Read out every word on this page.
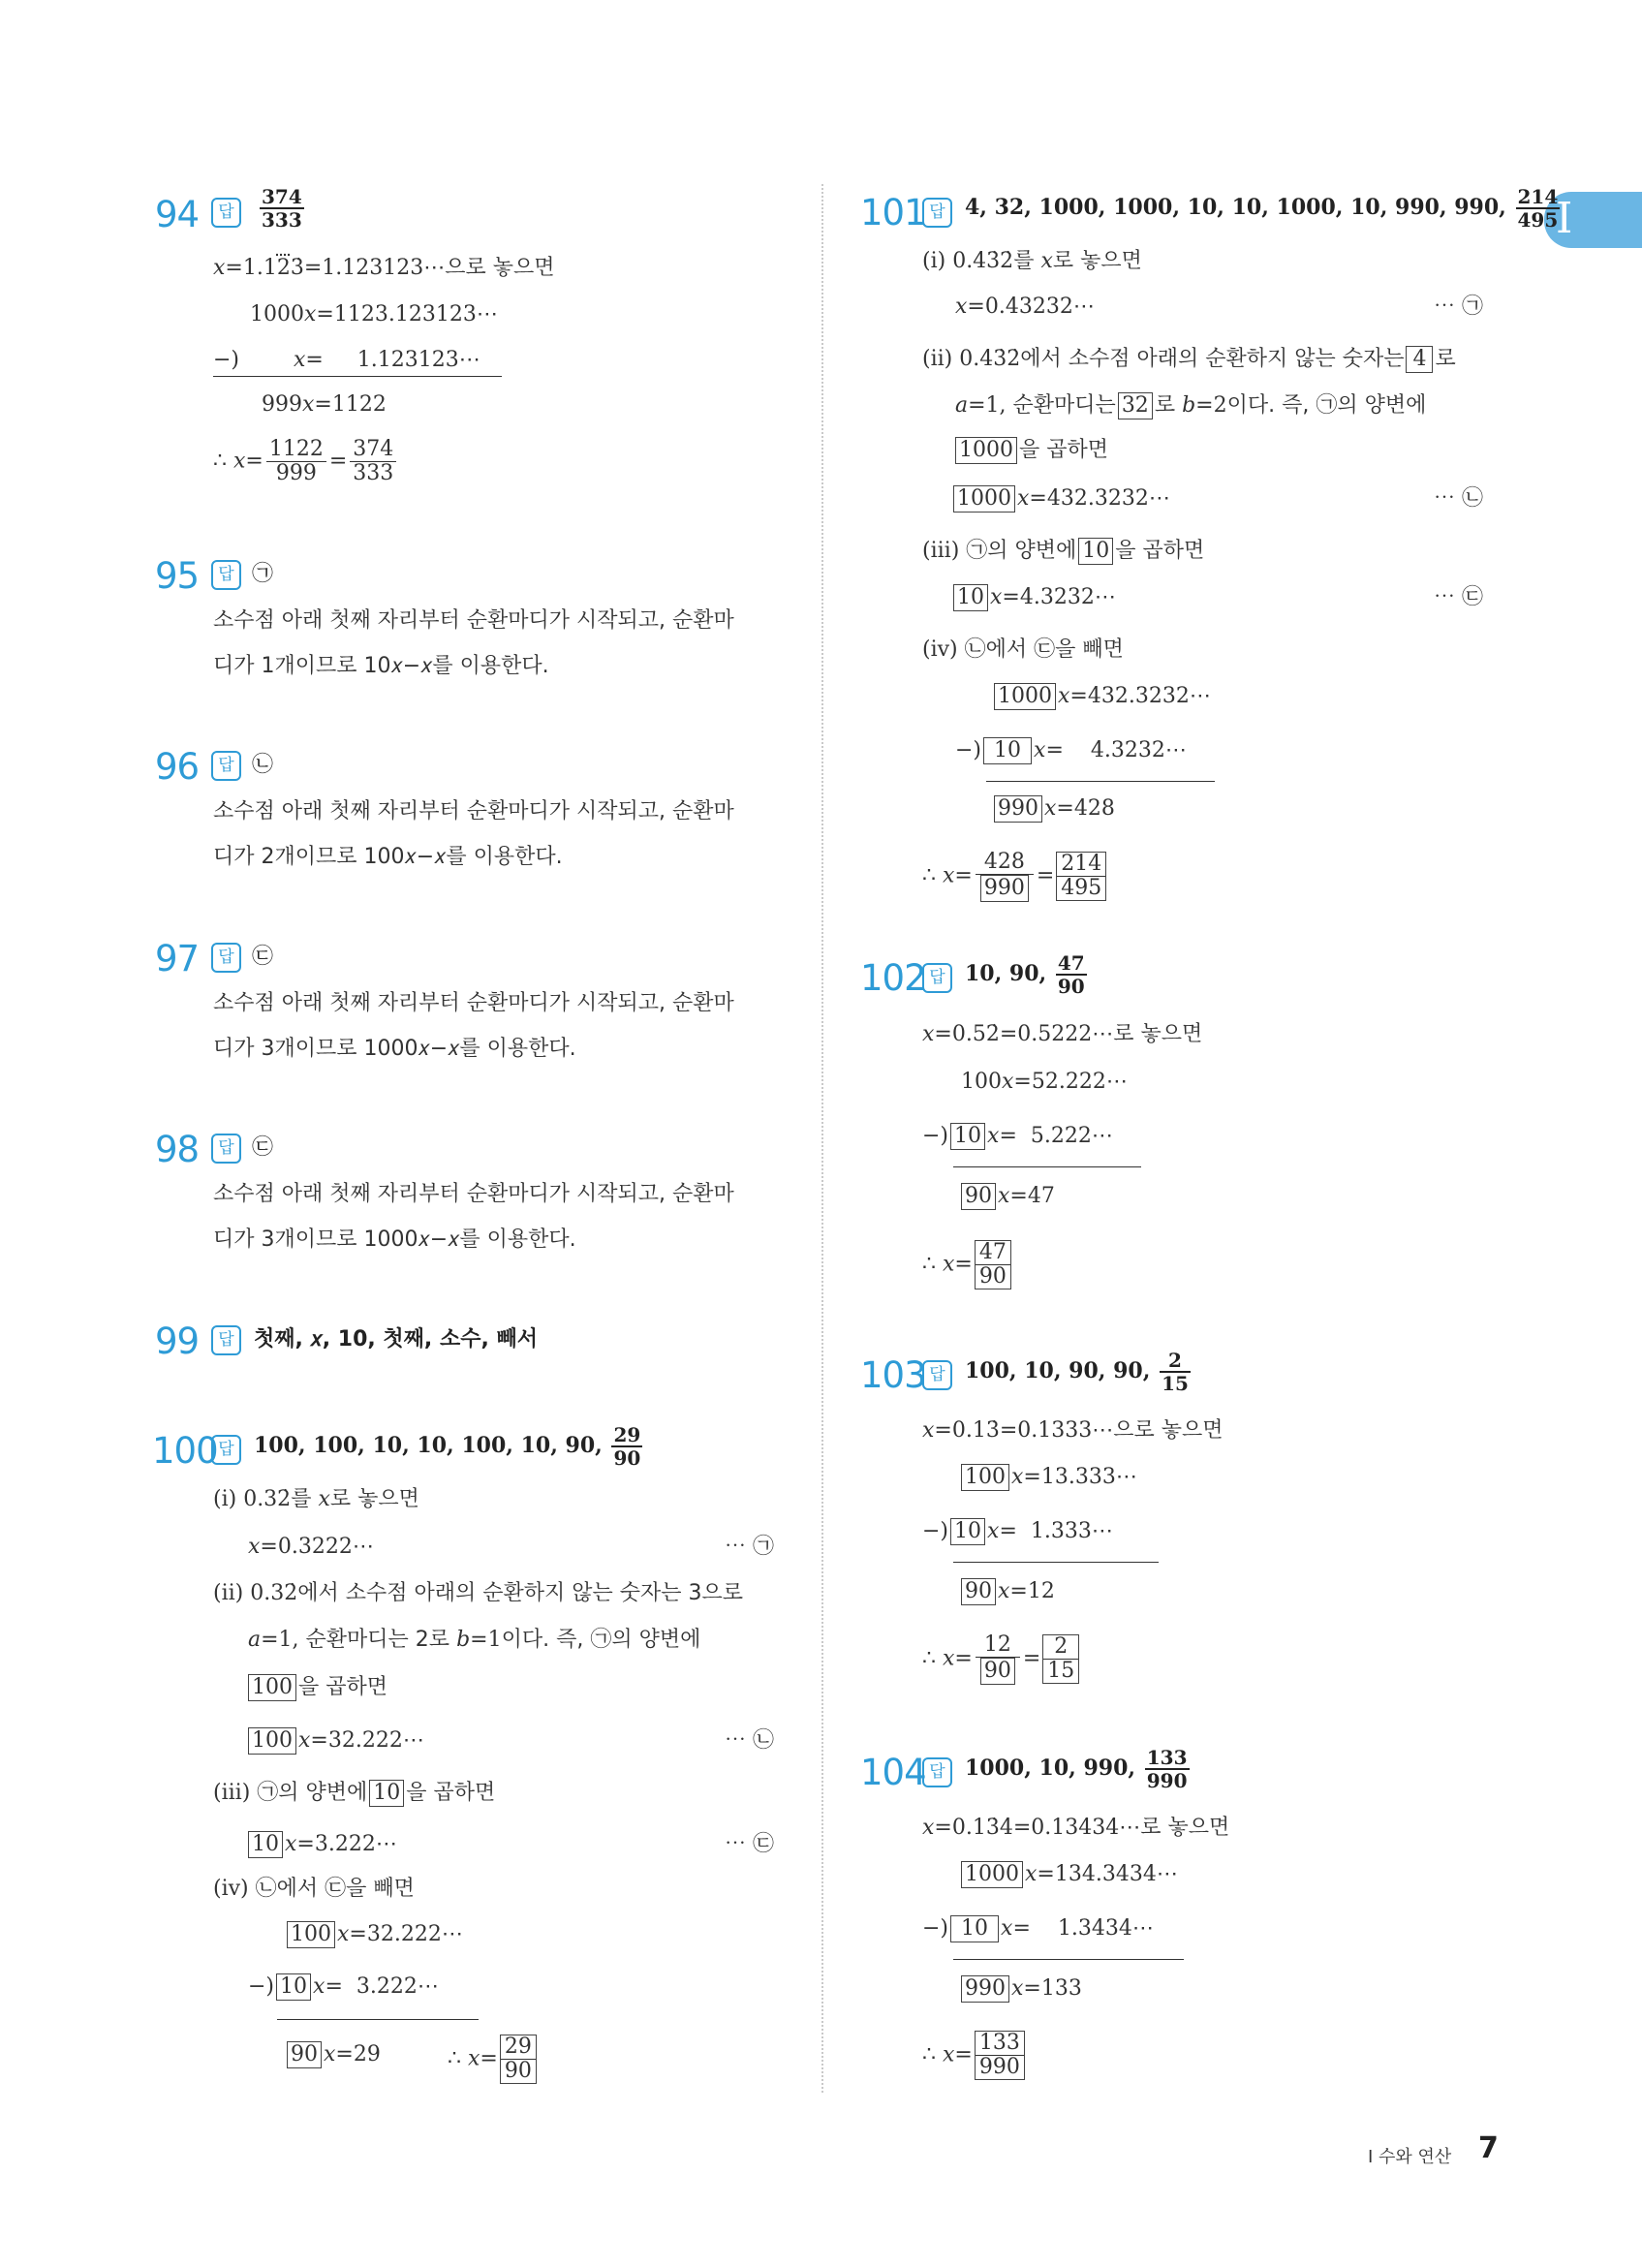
I
94	답	$\frac{374}{333}$
x=1.123̇=1.123123⋯으로 놓으면
1000x=1123.123123⋯
−)        x=     1.123123⋯
999x=1122
∴ $x= \frac{1122}{999} = \frac{374}{333}$
95	답 ㉠
소수점 아래 첫째 자리부터 순환마디가 시작되고, 순환마
디가 1개이므로 10𝑥−𝑥를 이용한다.
96	답 ㉡
소수점 아래 첫째 자리부터 순환마디가 시작되고, 순환마
디가 2개이므로 100𝑥−𝑥를 이용한다.
97	답 ㉢
소수점 아래 첫째 자리부터 순환마디가 시작되고, 순환마
디가 3개이므로 1000𝑥−𝑥를 이용한다.
98	답 ㉢
소수점 아래 첫째 자리부터 순환마디가 시작되고, 순환마
디가 3개이므로 1000𝑥−𝑥를 이용한다.
99	답 첫째, 𝑥, 10, 첫째, 소수, 빼서
100 답 100, 100, 10, 10, 100, 10, 90, $\frac{29}{90}$
(ⅰ) 0.32̇를 x로 놓으면
x=0.3222⋯	⋯ ㉠
(ⅱ) 0.32̇에서 소수점 아래의 순환하지 않는 숫자는 3으로
a=1, 순환마디는 2로 b=1이다. 즉, ㉠의 양변에
100 을 곱하면
100 x=32.222⋯	⋯ ㉡
(ⅲ) ㉠의 양변에 10 을 곱하면
10 x=3.222⋯	⋯ ㉢
(ⅳ) ㉡에서 ㉢을 빼면
100 x=32.222⋯
−) 10 x=  3.222⋯
90 x=29	∴ $x= \frac{29}{90}$
101 답 4, 32, 1000, 1000, 10, 10, 1000, 10, 990, 990, $\frac{214}{495}$
(ⅰ) 0.43̇2̇를 x로 놓으면
x=0.43232⋯	⋯ ㉠
(ⅱ) 0.43̇2̇에서 소수점 아래의 순환하지 않는 숫자는 4 로
a=1, 순환마디는 32 로 b=2이다. 즉, ㉠의 양변에
1000 을 곱하면
1000 x=432.3232⋯	⋯ ㉡
(ⅲ) ㉠의 양변에 10 을 곱하면
10 x=4.3232⋯	⋯ ㉢
(ⅳ) ㉡에서 ㉢을 빼면
1000 x=432.3232⋯
−) 10 x=    4.3232⋯
990 x=428
∴ $x= \frac{428}{990} = \frac{214}{495}$
102 답 10, 90, $\frac{47}{90}$
x=0.52̇=0.5222⋯로 놓으면
100x=52.222⋯
−) 10 x=  5.222⋯
90 x=47
∴ $x= \frac{47}{90}$
103 답 100, 10, 90, 90, $\frac{2}{15}$
x=0.13̇=0.1333⋯으로 놓으면
100 x=13.333⋯
−) 10 x=  1.333⋯
90 x=12
∴ $x= \frac{12}{90} = \frac{2}{15}$
104 답 1000, 10, 990, $\frac{133}{990}$
x=0.13̇4̇=0.13434⋯로 놓으면
1000 x=134.3434⋯
−) 10 x=    1.3434⋯
990 x=133
∴ $x= \frac{133}{990}$
Ⅰ 수와 연산 7
